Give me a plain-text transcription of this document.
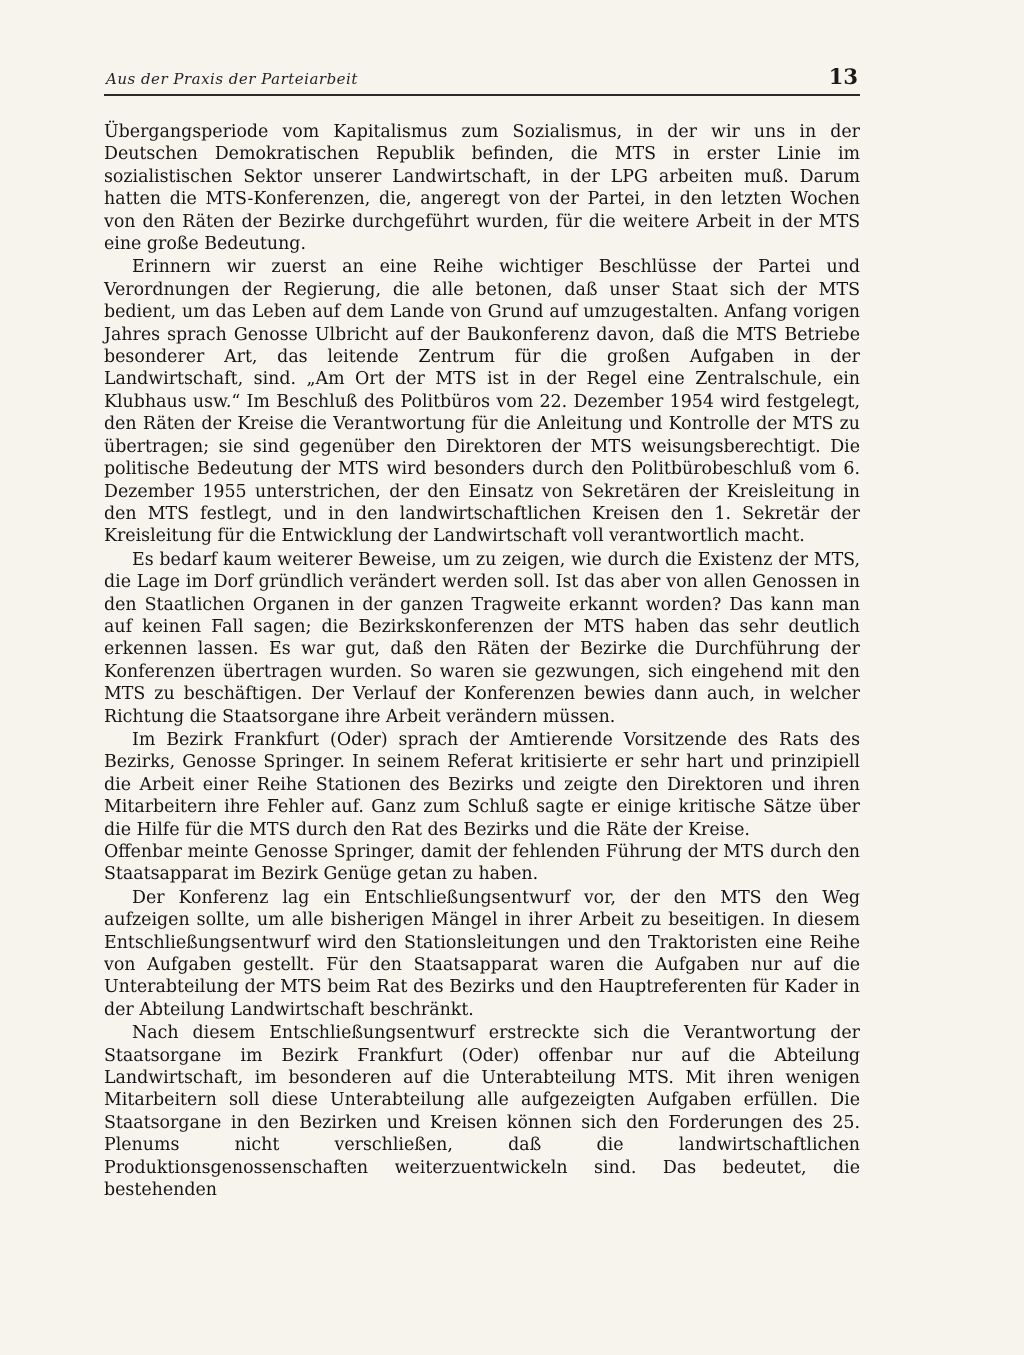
Aus der Praxis der Parteiarbeit	13

Übergangsperiode vom Kapitalismus zum Sozialismus, in der wir uns in der Deutschen Demokratischen Republik befinden, die MTS in erster Linie im sozialistischen Sektor unserer Landwirtschaft, in der LPG arbeiten muß. Darum hatten die MTS-Konferenzen, die, angeregt von der Partei, in den letzten Wochen von den Räten der Bezirke durchgeführt wurden, für die weitere Arbeit in der MTS eine große Bedeutung.

Erinnern wir zuerst an eine Reihe wichtiger Beschlüsse der Partei und Verordnungen der Regierung, die alle betonen, daß unser Staat sich der MTS bedient, um das Leben auf dem Lande von Grund auf umzugestalten. Anfang vorigen Jahres sprach Genosse Ulbricht auf der Baukonferenz davon, daß die MTS Betriebe besonderer Art, das leitende Zentrum für die großen Aufgaben in der Landwirtschaft, sind. „Am Ort der MTS ist in der Regel eine Zentralschule, ein Klubhaus usw.“ Im Beschluß des Politbüros vom 22. Dezember 1954 wird festgelegt, den Räten der Kreise die Verantwortung für die Anleitung und Kontrolle der MTS zu übertragen; sie sind gegenüber den Direktoren der MTS weisungsberechtigt. Die politische Bedeutung der MTS wird besonders durch den Politbürobeschluß vom 6. Dezember 1955 unterstrichen, der den Einsatz von Sekretären der Kreisleitung in den MTS festlegt, und in den landwirtschaftlichen Kreisen den 1. Sekretär der Kreisleitung für die Entwicklung der Landwirtschaft voll verantwortlich macht.

Es bedarf kaum weiterer Beweise, um zu zeigen, wie durch die Existenz der MTS, die Lage im Dorf gründlich verändert werden soll. Ist das aber von allen Genossen in den Staatlichen Organen in der ganzen Tragweite erkannt worden? Das kann man auf keinen Fall sagen; die Bezirkskonferenzen der MTS haben das sehr deutlich erkennen lassen. Es war gut, daß den Räten der Bezirke die Durchführung der Konferenzen übertragen wurden. So waren sie gezwungen, sich eingehend mit den MTS zu beschäftigen. Der Verlauf der Konferenzen bewies dann auch, in welcher Richtung die Staatsorgane ihre Arbeit verändern müssen.

Im Bezirk Frankfurt (Oder) sprach der Amtierende Vorsitzende des Rats des Bezirks, Genosse Springer. In seinem Referat kritisierte er sehr hart und prinzipiell die Arbeit einer Reihe Stationen des Bezirks und zeigte den Direktoren und ihren Mitarbeitern ihre Fehler auf. Ganz zum Schluß sagte er einige kritische Sätze über die Hilfe für die MTS durch den Rat des Bezirks und die Räte der Kreise.

Offenbar meinte Genosse Springer, damit der fehlenden Führung der MTS durch den Staatsapparat im Bezirk Genüge getan zu haben.

Der Konferenz lag ein Entschließungsentwurf vor, der den MTS den Weg aufzeigen sollte, um alle bisherigen Mängel in ihrer Arbeit zu beseitigen. In diesem Entschließungsentwurf wird den Stationsleitungen und den Traktoristen eine Reihe von Aufgaben gestellt. Für den Staatsapparat waren die Aufgaben nur auf die Unterabteilung der MTS beim Rat des Bezirks und den Hauptreferenten für Kader in der Abteilung Landwirtschaft beschränkt.

Nach diesem Entschließungsentwurf erstreckte sich die Verantwortung der Staatsorgane im Bezirk Frankfurt (Oder) offenbar nur auf die Abteilung Landwirtschaft, im besonderen auf die Unterabteilung MTS. Mit ihren wenigen Mitarbeitern soll diese Unterabteilung alle aufgezeigten Aufgaben erfüllen. Die Staatsorgane in den Bezirken und Kreisen können sich den Forderungen des 25. Plenums nicht verschließen, daß die landwirtschaftlichen Produktionsgenossenschaften weiterzuentwickeln sind. Das bedeutet, die bestehenden
